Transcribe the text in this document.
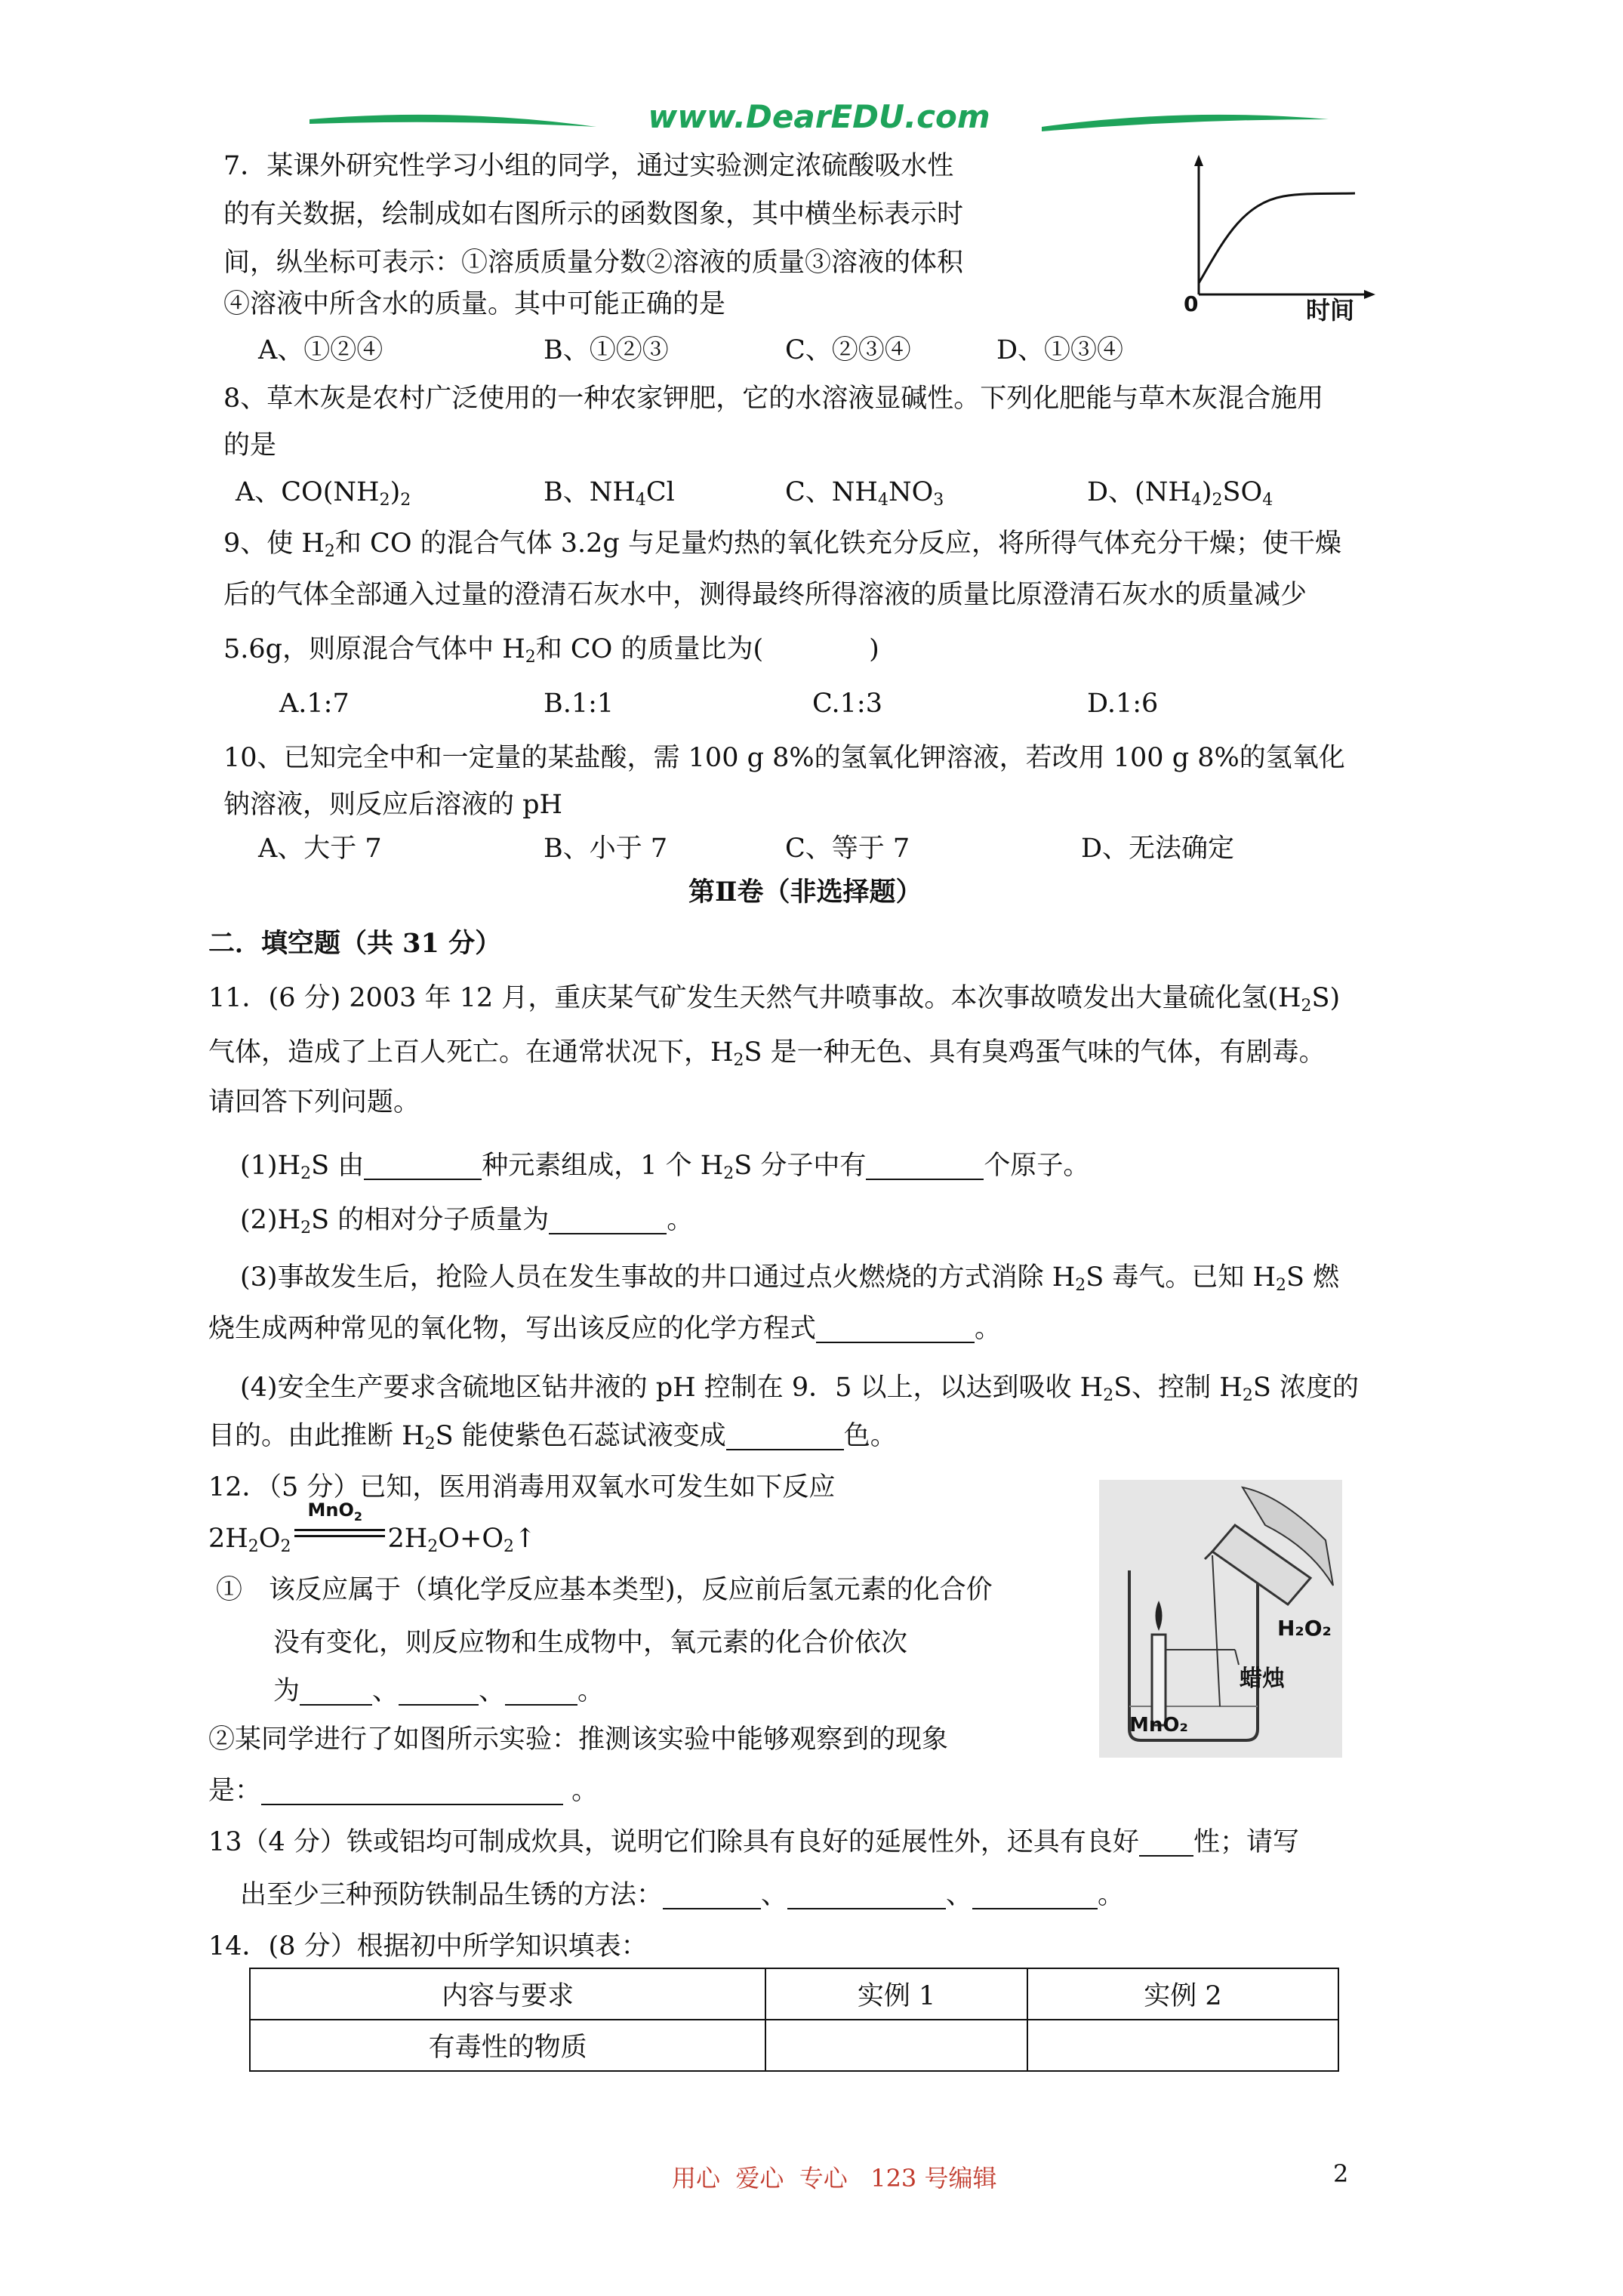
www.DearEDU.com
7．某课外研究性学习小组的同学，通过实验测定浓硫酸吸水性
的有关数据，绘制成如右图所示的函数图象，其中横坐标表示时
间，纵坐标可表示：①溶质质量分数②溶液的质量③溶液的体积
④溶液中所含水的质量。其中可能正确的是	0	时间
A、①②④	B、①②③	C、②③④	D、①③④
8、草木灰是农村广泛使用的一种农家钾肥，它的水溶液显碱性。下列化肥能与草木灰混合施用
的是
A、$CO(NH_2)_2$	B、$NH_4Cl$	C、$NH_4NO_3$	D、$(NH_4)_2SO_4$
9、使 $H_2$和 CO 的混合气体 3.2g 与足量灼热的氧化铁充分反应，将所得气体充分干燥；使干燥
后的气体全部通入过量的澄清石灰水中，测得最终所得溶液的质量比原澄清石灰水的质量减少
5.6g，则原混合气体中 $H_2$和 CO 的质量比为(　　　　)
A.1:7	B.1:1	C.1:3	D.1:6
10、已知完全中和一定量的某盐酸，需 100 g 8%的氢氧化钾溶液，若改用 100 g 8%的氢氧化
钠溶液，则反应后溶液的 pH
A、大于 7	B、小于 7	C、等于 7	D、无法确定
第Ⅱ卷（非选择题）
二．填空题（共 31 分）
11．(6 分) 2003 年 12 月，重庆某气矿发生天然气井喷事故。本次事故喷发出大量硫化氢$(H_2S)$
气体，造成了上百人死亡。在通常状况下，$H_2S$ 是一种无色、具有臭鸡蛋气味的气体，有剧毒。
请回答下列问题。
$(1)H_2S$ 由	种元素组成，1 个 $H_2S$ 分子中有	个原子。
$(2)H_2S$ 的相对分子质量为	。
(3)事故发生后，抢险人员在发生事故的井口通过点火燃烧的方式消除 $H_2S$ 毒气。已知 $H_2S$ 燃
烧生成两种常见的氧化物，写出该反应的化学方程式	。
(4)安全生产要求含硫地区钻井液的 pH 控制在 9．5 以上，以达到吸收 $H_2S$、控制 $H_2S$ 浓度的
目的。由此推断 $H_2S$ 能使紫色石蕊试液变成	色。
12．（5 分）已知，医用消毒用双氧水可发生如下反应
$2H_2O_2$
MnO$_2$
$2H_2O+O_2↑$
①　该反应属于（填化学反应基本类型)，反应前后氢元素的化合价
没有变化，则反应物和生成物中，氧元素的化合价依次
为	、	、	。
②某同学进行了如图所示实验：推测该实验中能够观察到的现象
是：	。
H₂O₂
蜡烛
MnO₂
13（4 分）铁或铝均可制成炊具，说明它们除具有良好的延展性外，还具有良好 性；请写
出至少三种预防铁制品生锈的方法：	、	、	。
14．(8 分）根据初中所学知识填表：
内容与要求	实例 1	实例 2
有毒性的物质		
用心  爱心  专心   123 号编辑	2
